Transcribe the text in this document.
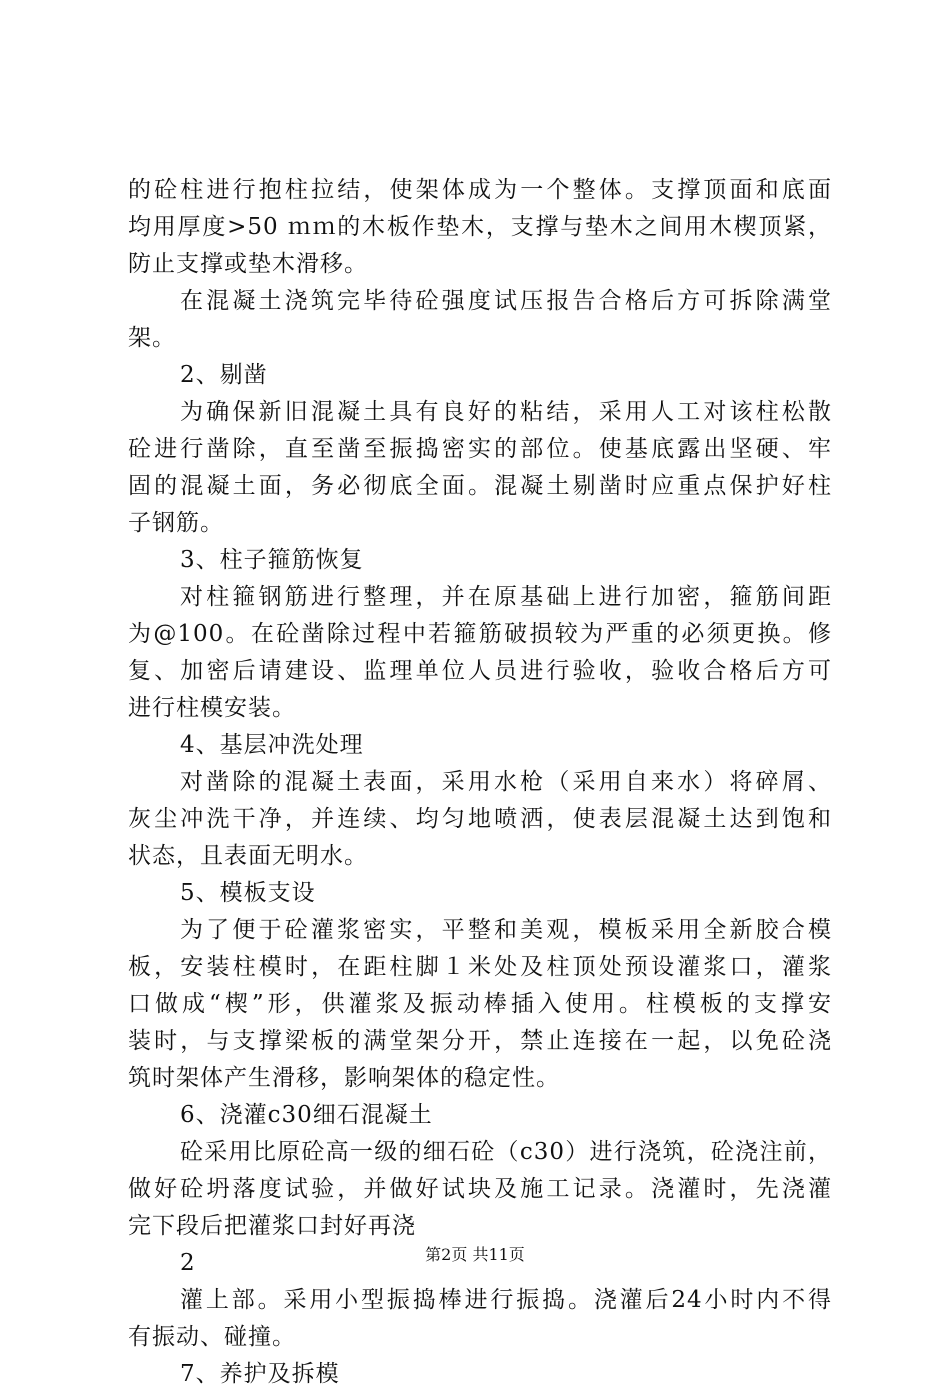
的砼柱进行抱柱拉结，使架体成为一个整体。支撑顶面和底面
均用厚度>50 ｍｍ的木板作垫木，支撑与垫木之间用木楔顶紧，
防止支撑或垫木滑移。
在混凝土浇筑完毕待砼强度试压报告合格后方可拆除满堂
架。
2、剔凿
为确保新旧混凝土具有良好的粘结，采用人工对该柱松散
砼进行凿除，直至凿至振捣密实的部位。使基底露出坚硬、牢
固的混凝土面，务必彻底全面。混凝土剔凿时应重点保护好柱
子钢筋。
3、柱子箍筋恢复
对柱箍钢筋进行整理，并在原基础上进行加密，箍筋间距
为@100。在砼凿除过程中若箍筋破损较为严重的必须更换。修
复、加密后请建设、监理单位人员进行验收，验收合格后方可
进行柱模安装。
4、基层冲洗处理
对凿除的混凝土表面，采用水枪（采用自来水）将碎屑、
灰尘冲洗干净，并连续、均匀地喷洒，使表层混凝土达到饱和
状态，且表面无明水。
5、模板支设
为了便于砼灌浆密实，平整和美观，模板采用全新胶合模
板，安装柱模时，在距柱脚１米处及柱顶处预设灌浆口，灌浆
口做成“楔”形，供灌浆及振动棒插入使用。柱模板的支撑安
装时，与支撑梁板的满堂架分开，禁止连接在一起，以免砼浇
筑时架体产生滑移，影响架体的稳定性。
6、浇灌c30细石混凝土
砼采用比原砼高一级的细石砼（c30）进行浇筑，砼浇注前，
做好砼坍落度试验，并做好试块及施工记录。浇灌时，先浇灌
完下段后把灌浆口封好再浇
2
灌上部。采用小型振捣棒进行振捣。浇灌后24小时内不得
有振动、碰撞。
7、养护及拆模
第2页 共11页
